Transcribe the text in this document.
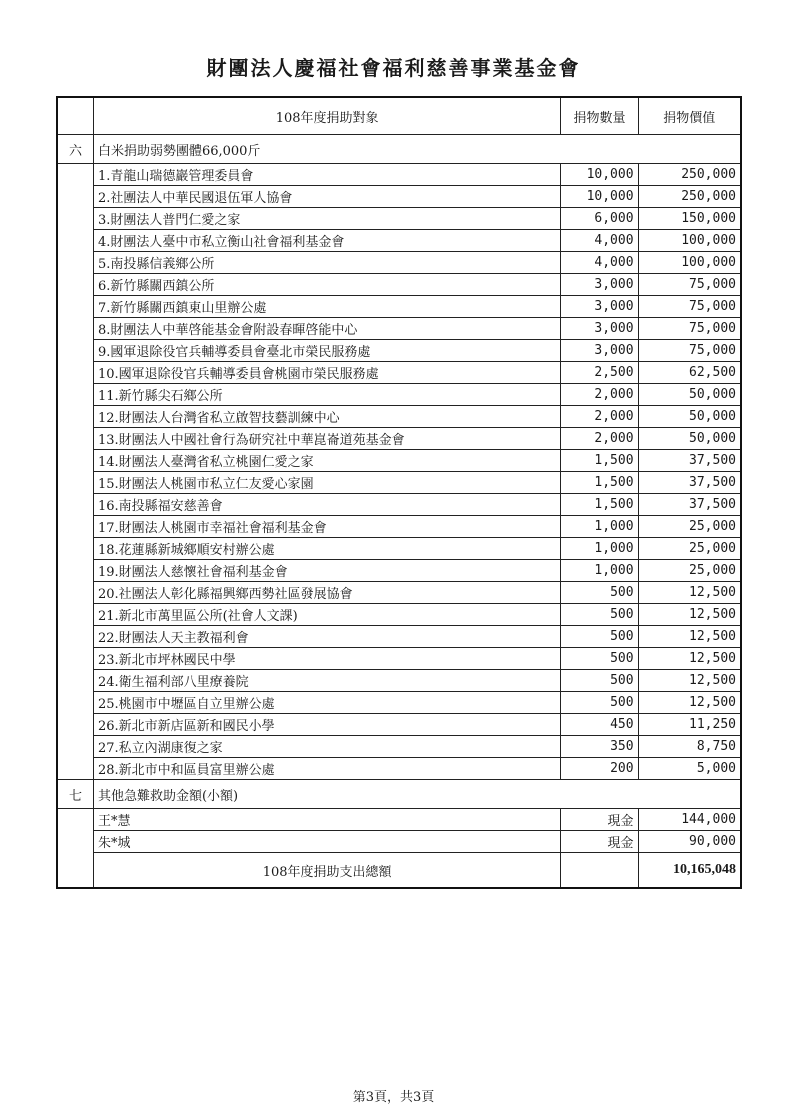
財團法人慶福社會福利慈善事業基金會
	108年度捐助對象	捐物數量	捐物價值
六	白米捐助弱勢團體66,000斤		
	1.青龍山瑞德巖管理委員會	10,000	250,000
	2.社團法人中華民國退伍軍人協會	10,000	250,000
	3.財團法人普門仁愛之家	6,000	150,000
	4.財團法人臺中市私立衡山社會福利基金會	4,000	100,000
	5.南投縣信義鄉公所	4,000	100,000
	6.新竹縣關西鎮公所	3,000	75,000
	7.新竹縣關西鎮東山里辦公處	3,000	75,000
	8.財團法人中華啓能基金會附設春暉啓能中心	3,000	75,000
	9.國軍退除役官兵輔導委員會臺北市榮民服務處	3,000	75,000
	10.國軍退除役官兵輔導委員會桃園市榮民服務處	2,500	62,500
	11.新竹縣尖石鄉公所	2,000	50,000
	12.財團法人台灣省私立啟智技藝訓練中心	2,000	50,000
	13.財團法人中國社會行為研究社中華崑崙道苑基金會	2,000	50,000
	14.財團法人臺灣省私立桃園仁愛之家	1,500	37,500
	15.財團法人桃園市私立仁友愛心家園	1,500	37,500
	16.南投縣福安慈善會	1,500	37,500
	17.財團法人桃園市幸福社會福利基金會	1,000	25,000
	18.花蓮縣新城鄉順安村辦公處	1,000	25,000
	19.財團法人慈懷社會福利基金會	1,000	25,000
	20.社團法人彰化縣福興鄉西勢社區發展協會	500	12,500
	21.新北市萬里區公所(社會人文課)	500	12,500
	22.財團法人天主教福利會	500	12,500
	23.新北市坪林國民中學	500	12,500
	24.衛生福利部八里療養院	500	12,500
	25.桃園市中壢區自立里辦公處	500	12,500
	26.新北市新店區新和國民小學	450	11,250
	27.私立內湖康復之家	350	8,750
	28.新北市中和區員富里辦公處	200	5,000
七	其他急難救助金額(小額)		
	王*慧	現金	144,000
	朱*城	現金	90,000
	108年度捐助支出總額		10,165,048
第3頁，共3頁
